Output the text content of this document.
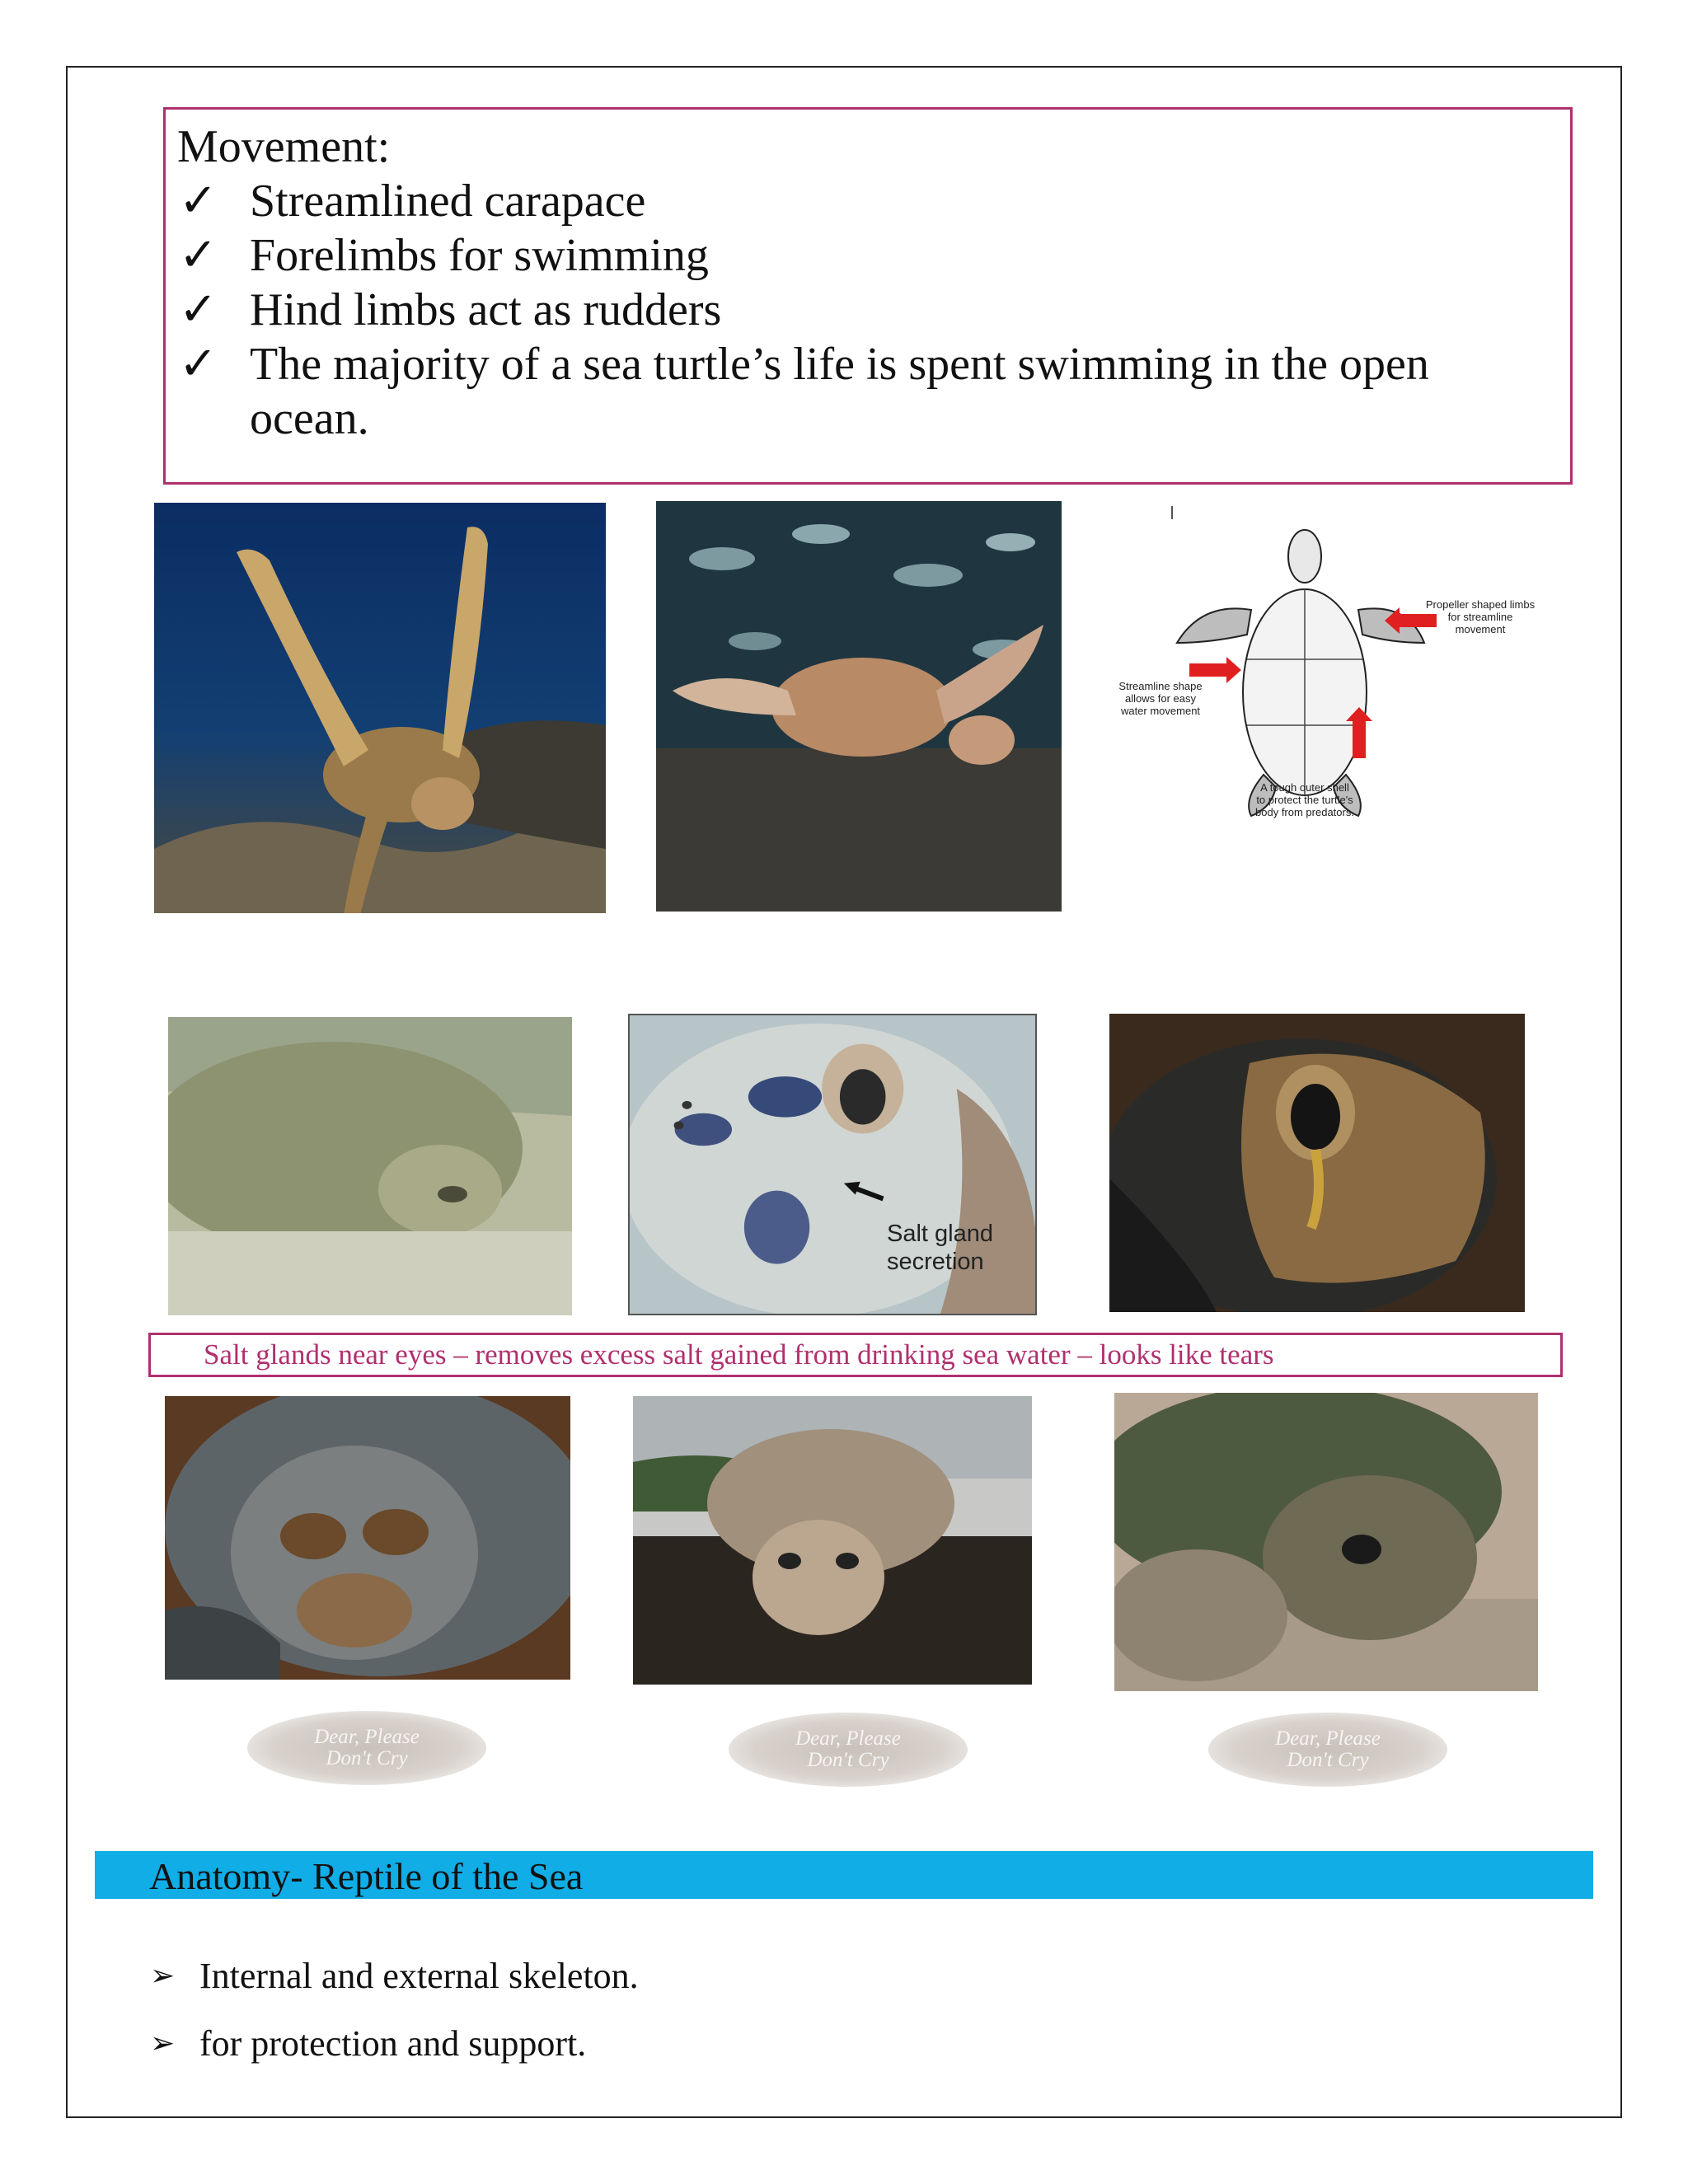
Movement:
✓ Streamlined carapace
✓ Forelimbs for swimming
✓ Hind limbs act as rudders
✓ The majority of a sea turtle’s life is spent swimming in the open ocean.
Propeller shaped limbs for streamline movement
Streamline shape allows for easy water movement
A tough outer shell to protect the turtle's body from predators.
Salt gland secretion
Salt glands near eyes – removes excess salt gained from drinking sea water – looks like tears
Dear, Please
Don't Cry
Dear, Please
Don't Cry
Dear, Please
Don't Cry
Anatomy- Reptile of the Sea
➢ Internal and external skeleton.
➢ for protection and support.
